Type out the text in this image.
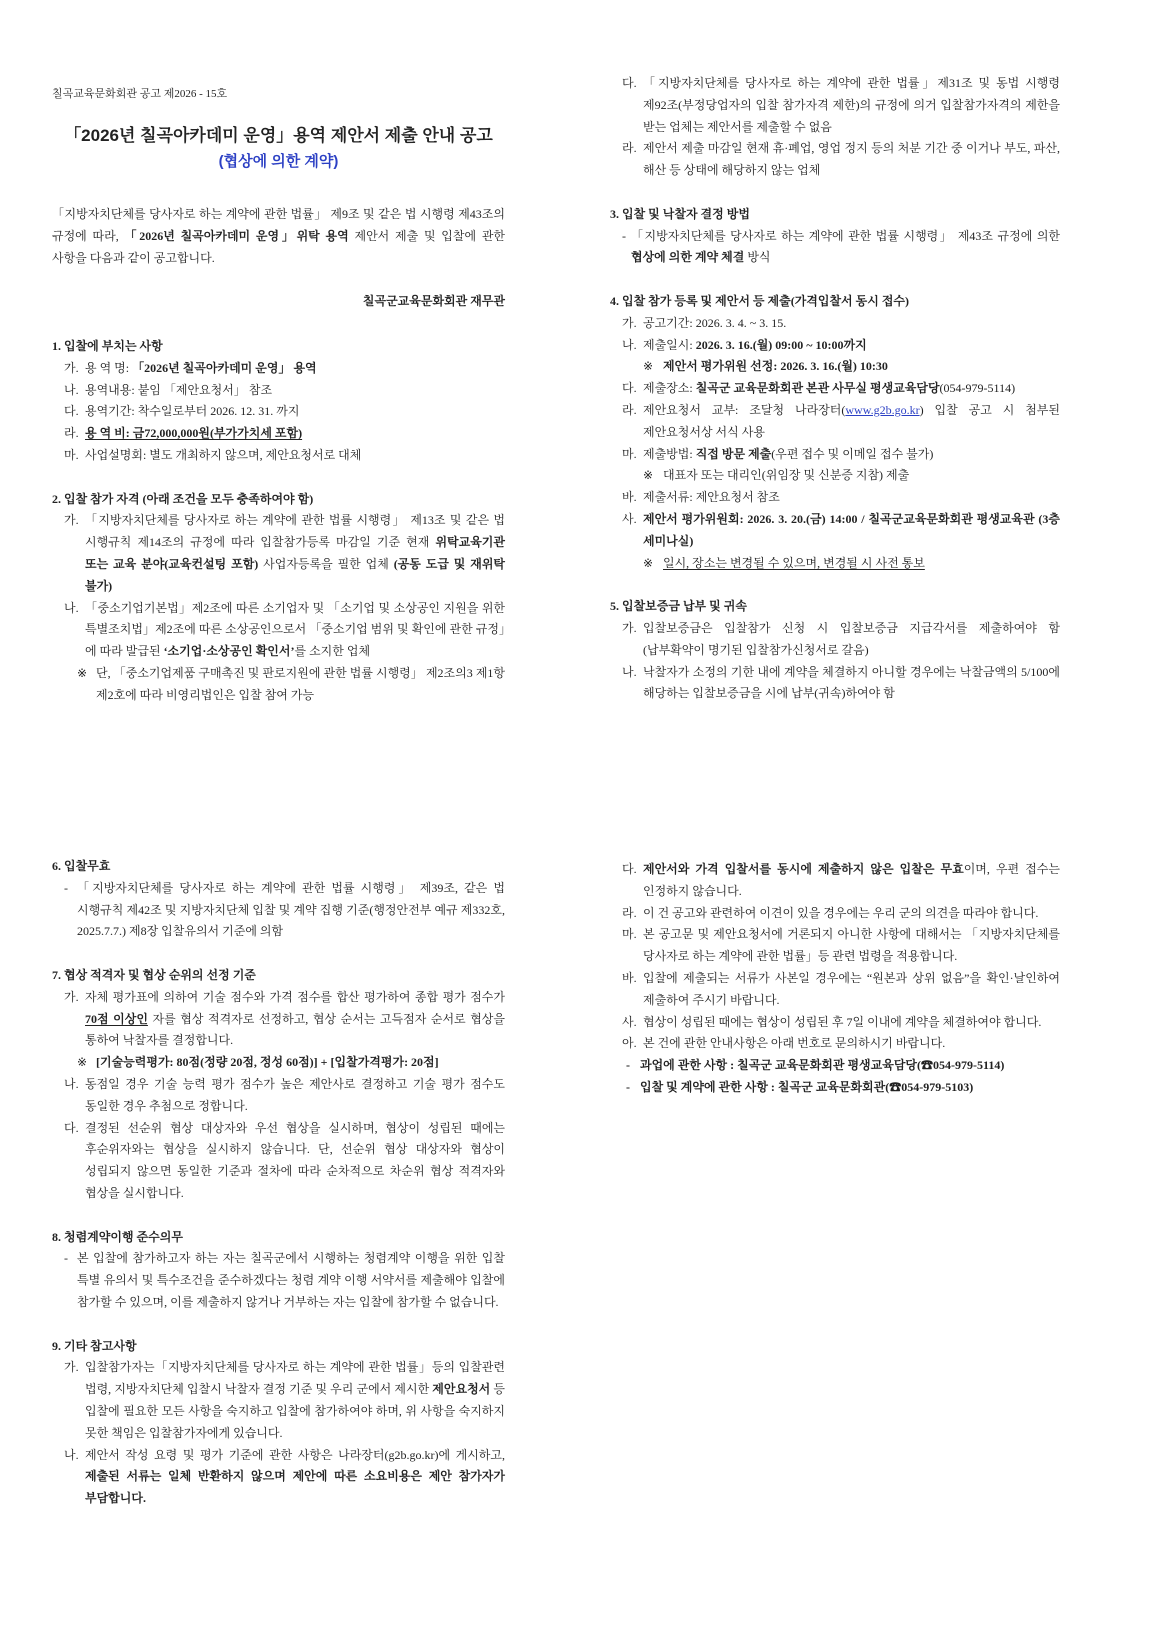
칠곡교육문화회관 공고 제2026 - 15호
「2026년 칠곡아카데미 운영」용역 제안서 제출 안내 공고
(협상에 의한 계약)
「지방자치단체를 당사자로 하는 계약에 관한 법률」 제9조 및 같은 법 시행령 제43조의 규정에 따라, 「2026년 칠곡아카데미 운영」위탁 용역 제안서 제출 및 입찰에 관한 사항을 다음과 같이 공고합니다.
칠곡군교육문화회관 재무관
1. 입찰에 부치는 사항
가. 용 역 명: 「2026년 칠곡아카데미 운영」 용역
나. 용역내용: 붙임 「제안요청서」 참조
다. 용역기간: 착수일로부터 2026. 12. 31. 까지
라. 용 역 비: 금72,000,000원(부가가치세 포함)
마. 사업설명회: 별도 개최하지 않으며, 제안요청서로 대체
2. 입찰 참가 자격 (아래 조건을 모두 충족하여야 함)
가. 「지방자치단체를 당사자로 하는 계약에 관한 법률 시행령」 제13조 및 같은 법 시행규칙 제14조의 규정에 따라 입찰참가등록 마감일 기준 현재 위탁교육기관 또는 교육 분야(교육컨설팅 포함) 사업자등록을 필한 업체 (공동 도급 및 재위탁 불가)
나. 「중소기업기본법」제2조에 따른 소기업자 및 「소기업 및 소상공인 지원을 위한 특별조치법」제2조에 따른 소상공인으로서 「중소기업 범위 및 확인에 관한 규정」에 따라 발급된 ‘소기업·소상공인 확인서’를 소지한 업체
※ 단, 「중소기업제품 구매촉진 및 판로지원에 관한 법률 시행령」 제2조의3 제1항 제2호에 따라 비영리법인은 입찰 참여 가능
다. 「지방자치단체를 당사자로 하는 계약에 관한 법률」제31조 및 동법 시행령 제92조(부정당업자의 입찰 참가자격 제한)의 규정에 의거 입찰참가자격의 제한을 받는 업체는 제안서를 제출할 수 없음
라. 제안서 제출 마감일 현재 휴·폐업, 영업 정지 등의 처분 기간 중 이거나 부도, 파산, 해산 등 상태에 해당하지 않는 업체
3. 입찰 및 낙찰자 결정 방법
- 「지방자치단체를 당사자로 하는 계약에 관한 법률 시행령」 제43조 규정에 의한 협상에 의한 계약 체결 방식
4. 입찰 참가 등록 및 제안서 등 제출(가격입찰서 동시 접수)
가. 공고기간: 2026. 3. 4. ~ 3. 15.
나. 제출일시: 2026. 3. 16.(월) 09:00 ~ 10:00까지
※ 제안서 평가위원 선정: 2026. 3. 16.(월) 10:30
다. 제출장소: 칠곡군 교육문화회관 본관 사무실 평생교육담당(054-979-5114)
라. 제안요청서 교부: 조달청 나라장터(www.g2b.go.kr) 입찰 공고 시 첨부된 제안요청서상 서식 사용
마. 제출방법: 직접 방문 제출(우편 접수 및 이메일 접수 불가)
※ 대표자 또는 대리인(위임장 및 신분증 지참) 제출
바. 제출서류: 제안요청서 참조
사. 제안서 평가위원회: 2026. 3. 20.(금) 14:00 / 칠곡군교육문화회관 평생교육관 (3층 세미나실)
※ 일시, 장소는 변경될 수 있으며, 변경될 시 사전 통보
5. 입찰보증금 납부 및 귀속
가. 입찰보증금은 입찰참가 신청 시 입찰보증금 지급각서를 제출하여야 함(납부확약이 명기된 입찰참가신청서로 갈음)
나. 낙찰자가 소정의 기한 내에 계약을 체결하지 아니할 경우에는 낙찰금액의 5/100에 해당하는 입찰보증금을 시에 납부(귀속)하여야 함
6. 입찰무효
- 「지방자치단체를 당사자로 하는 계약에 관한 법률 시행령」 제39조, 같은 법 시행규칙 제42조 및 지방자치단체 입찰 및 계약 집행 기준(행정안전부 예규 제332호, 2025.7.7.) 제8장 입찰유의서 기준에 의함
7. 협상 적격자 및 협상 순위의 선정 기준
가. 자체 평가표에 의하여 기술 점수와 가격 점수를 합산 평가하여 종합 평가 점수가 70점 이상인 자를 협상 적격자로 선정하고, 협상 순서는 고득점자 순서로 협상을 통하여 낙찰자를 결정합니다.
※ [기술능력평가: 80점(정량 20점, 정성 60점)] + [입찰가격평가: 20점]
나. 동점일 경우 기술 능력 평가 점수가 높은 제안사로 결정하고 기술 평가 점수도 동일한 경우 추첨으로 정합니다.
다. 결정된 선순위 협상 대상자와 우선 협상을 실시하며, 협상이 성립된 때에는 후순위자와는 협상을 실시하지 않습니다. 단, 선순위 협상 대상자와 협상이 성립되지 않으면 동일한 기준과 절차에 따라 순차적으로 차순위 협상 적격자와 협상을 실시합니다.
8. 청렴계약이행 준수의무
- 본 입찰에 참가하고자 하는 자는 칠곡군에서 시행하는 청렴계약 이행을 위한 입찰 특별 유의서 및 특수조건을 준수하겠다는 청렴 계약 이행 서약서를 제출해야 입찰에 참가할 수 있으며, 이를 제출하지 않거나 거부하는 자는 입찰에 참가할 수 없습니다.
9. 기타 참고사항
가. 입찰참가자는「지방자치단체를 당사자로 하는 계약에 관한 법률」등의 입찰관련 법령, 지방자치단체 입찰시 낙찰자 결정 기준 및 우리 군에서 제시한 제안요청서 등 입찰에 필요한 모든 사항을 숙지하고 입찰에 참가하여야 하며, 위 사항을 숙지하지 못한 책임은 입찰참가자에게 있습니다.
나. 제안서 작성 요령 및 평가 기준에 관한 사항은 나라장터(g2b.go.kr)에 게시하고, 제출된 서류는 일체 반환하지 않으며 제안에 따른 소요비용은 제안 참가자가 부담합니다.
다. 제안서와 가격 입찰서를 동시에 제출하지 않은 입찰은 무효이며, 우편 접수는 인정하지 않습니다.
라. 이 건 공고와 관련하여 이견이 있을 경우에는 우리 군의 의견을 따라야 합니다.
마. 본 공고문 및 제안요청서에 거론되지 아니한 사항에 대해서는 「지방자치단체를 당사자로 하는 계약에 관한 법률」등 관련 법령을 적용합니다.
바. 입찰에 제출되는 서류가 사본일 경우에는 “원본과 상위 없음”을 확인·날인하여 제출하여 주시기 바랍니다.
사. 협상이 성립된 때에는 협상이 성립된 후 7일 이내에 계약을 체결하여야 합니다.
아. 본 건에 관한 안내사항은 아래 번호로 문의하시기 바랍니다.
- 과업에 관한 사항 : 칠곡군 교육문화회관 평생교육담당(☎054-979-5114)
- 입찰 및 계약에 관한 사항 : 칠곡군 교육문화회관(☎054-979-5103)
